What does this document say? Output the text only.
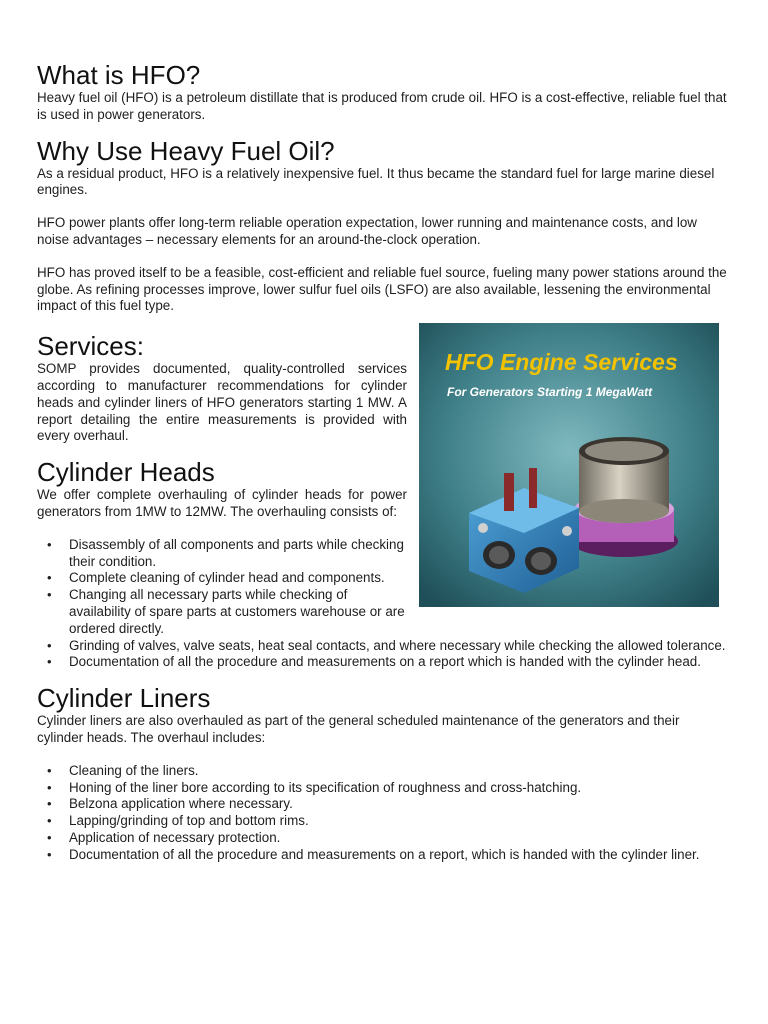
What is HFO?

Heavy fuel oil (HFO) is a petroleum distillate that is produced from crude oil. HFO is a cost-effective, reliable fuel that is used in power generators.

Why Use Heavy Fuel Oil?

As a residual product, HFO is a relatively inexpensive fuel. It thus became the standard fuel for large marine diesel engines.

HFO power plants offer long-term reliable operation expectation, lower running and maintenance costs, and low noise advantages – necessary elements for an around-the-clock operation.

HFO has proved itself to be a feasible, cost-efficient and reliable fuel source, fueling many power stations around the globe. As refining processes improve, lower sulfur fuel oils (LSFO) are also available, lessening the environmental impact of this fuel type.

HFO Engine Services
For Generators Starting 1 MegaWatt
Services:

SOMP provides documented, quality-controlled services according to manufacturer recommendations for cylinder heads and cylinder liners of HFO generators starting 1 MW. A report detailing the entire measurements is provided with every overhaul.

Cylinder Heads

We offer complete overhauling of cylinder heads for power generators from 1MW to 12MW. The overhauling consists of:

• Disassembly of all components and parts while checking their condition.
• Complete cleaning of cylinder head and components.
• Changing all necessary parts while checking of availability of spare parts at customers warehouse or are ordered directly.
• Grinding of valves, valve seats, heat seal contacts, and where necessary while checking the allowed tolerance.
• Documentation of all the procedure and measurements on a report which is handed with the cylinder head.
Cylinder Liners

Cylinder liners are also overhauled as part of the general scheduled maintenance of the generators and their cylinder heads. The overhaul includes:

• Cleaning of the liners.
• Honing of the liner bore according to its specification of roughness and cross-hatching.
• Belzona application where necessary.
• Lapping/grinding of top and bottom rims.
• Application of necessary protection.
• Documentation of all the procedure and measurements on a report, which is handed with the cylinder liner.
